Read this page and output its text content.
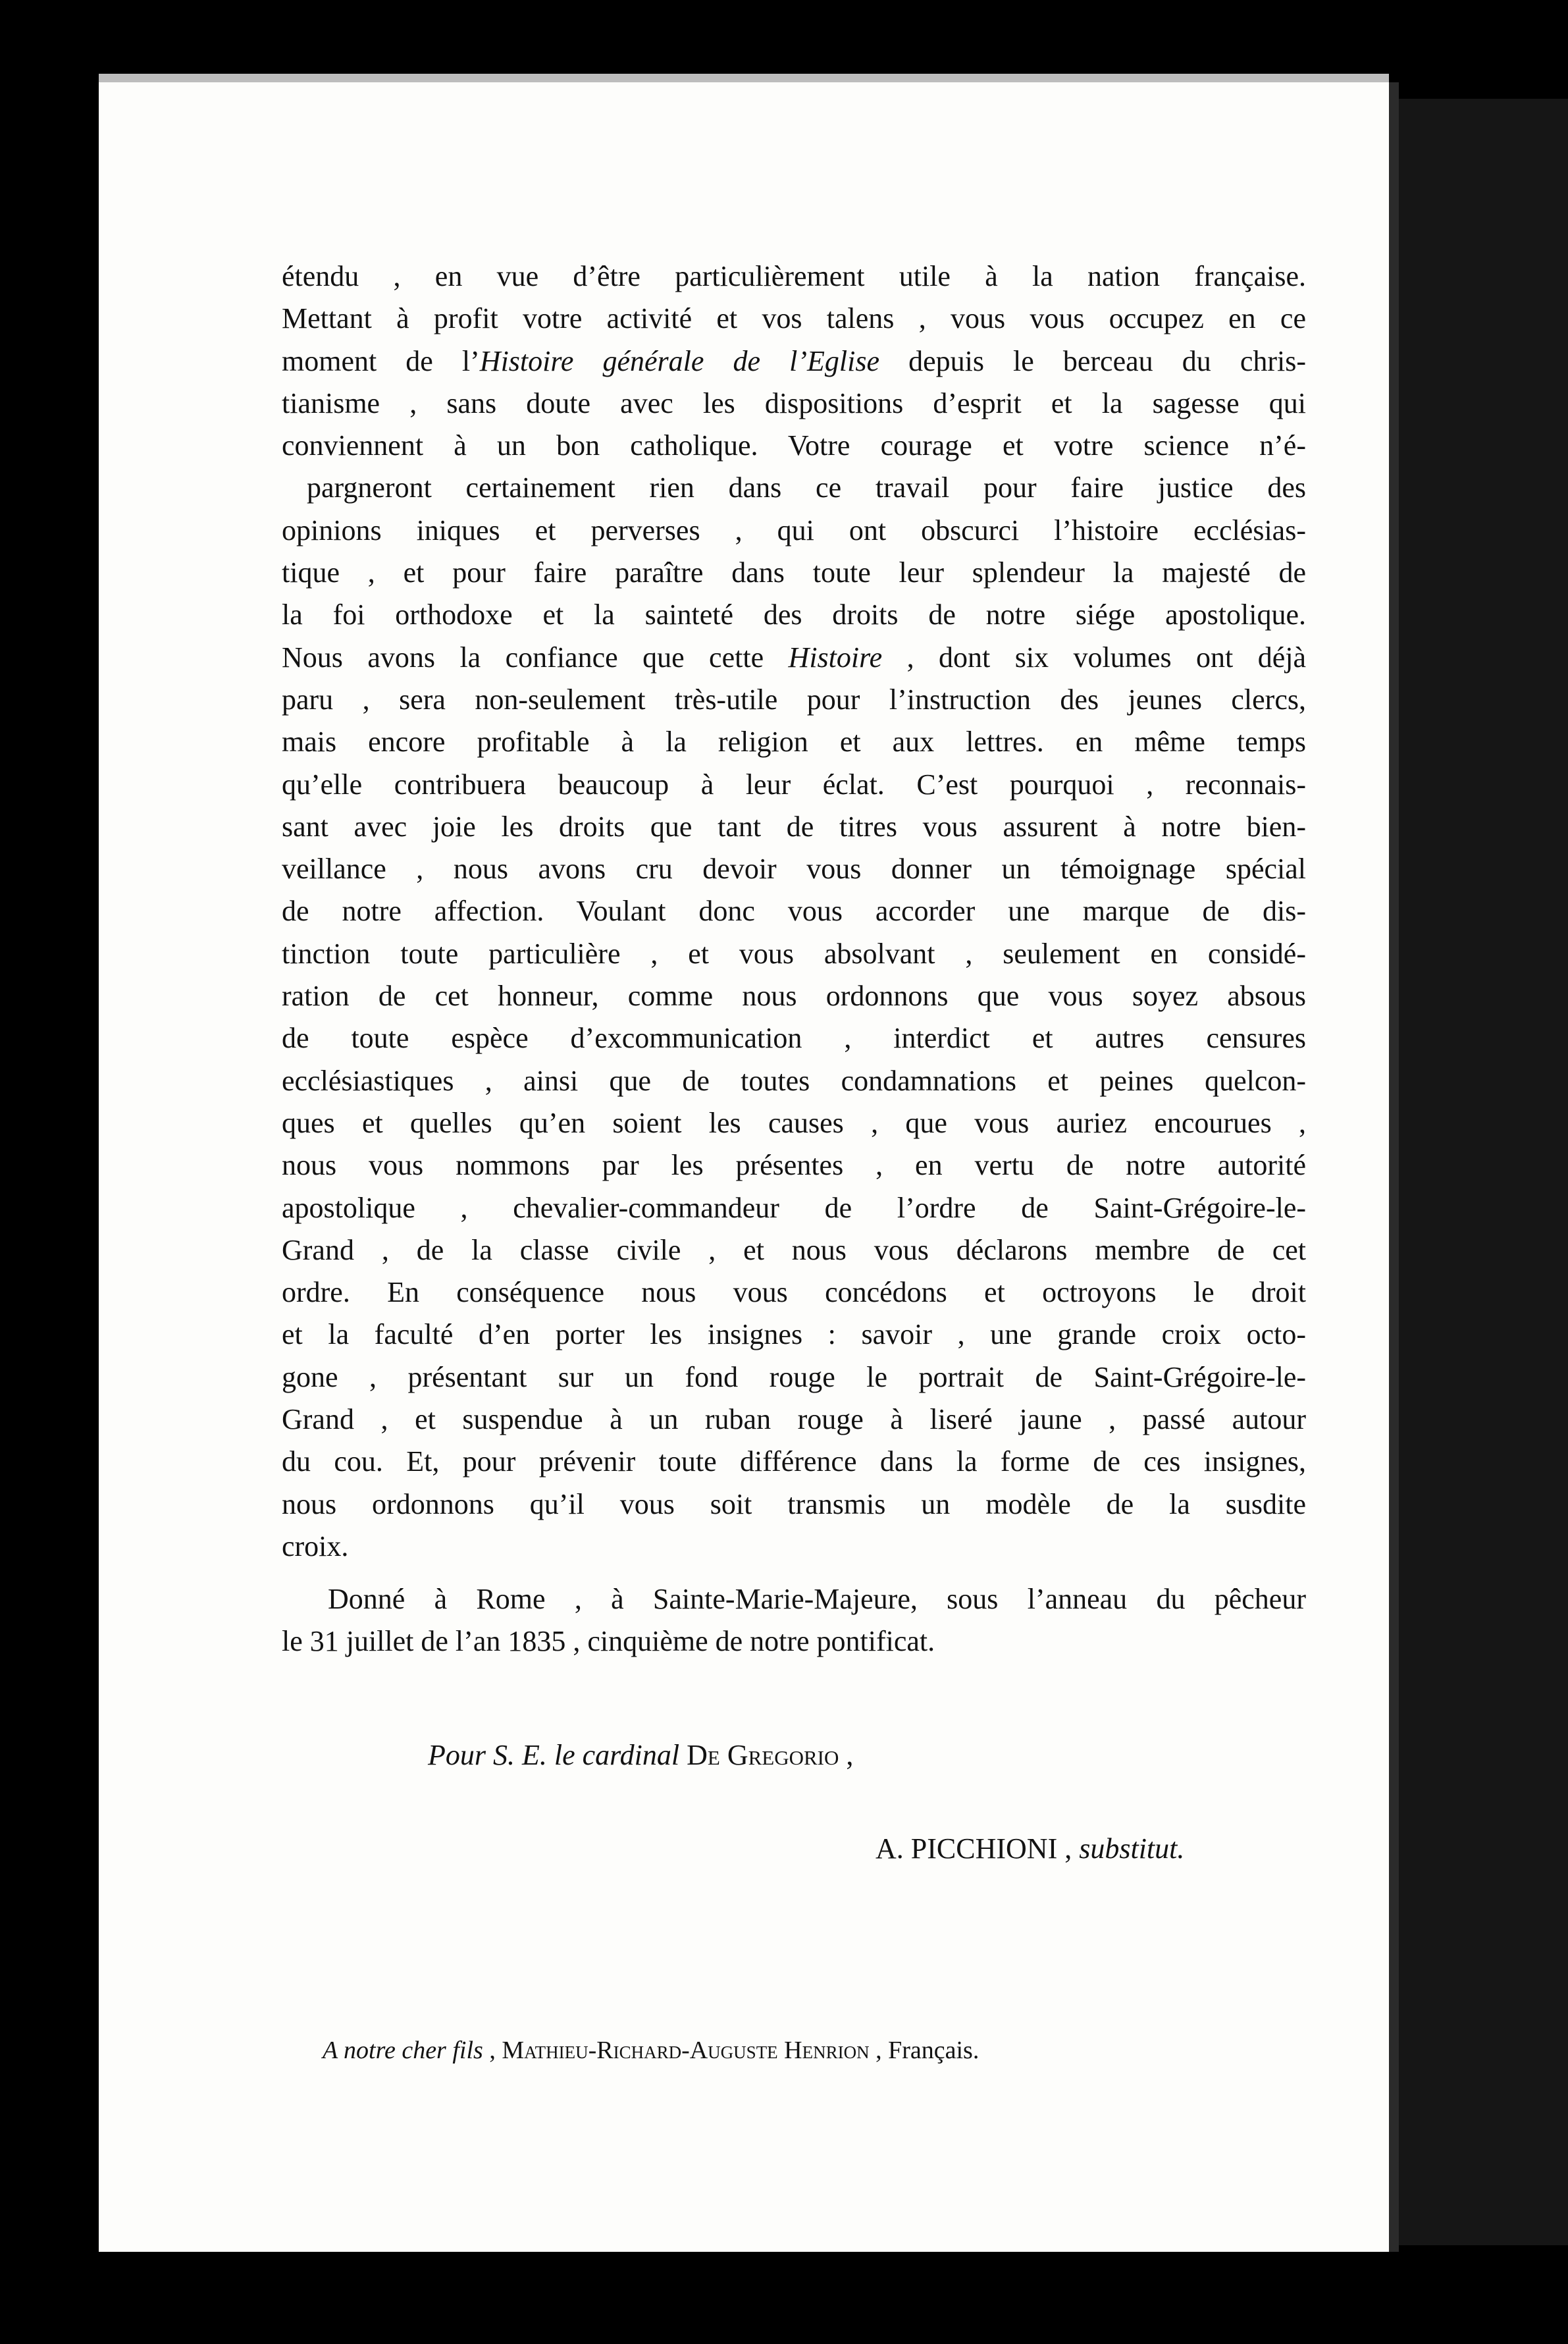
étendu , en vue d’être particulièrement utile à la nation française.
Mettant à profit votre activité et vos talens , vous vous occupez en ce
moment de l’Histoire générale de l’Eglise depuis le berceau du chris-
tianisme , sans doute avec les dispositions d’esprit et la sagesse qui
conviennent à un bon catholique. Votre courage et votre science n’é-
pargneront certainement rien dans ce travail pour faire justice des
opinions iniques et perverses , qui ont obscurci l’histoire ecclésias-
tique , et pour faire paraître dans toute leur splendeur la majesté de
la foi orthodoxe et la sainteté des droits de notre siége apostolique.
Nous avons la confiance que cette Histoire , dont six volumes ont déjà
paru , sera non-seulement très-utile pour l’instruction des jeunes clercs,
mais encore profitable à la religion et aux lettres. en même temps
qu’elle contribuera beaucoup à leur éclat. C’est pourquoi , reconnais-
sant avec joie les droits que tant de titres vous assurent à notre bien-
veillance , nous avons cru devoir vous donner un témoignage spécial
de notre affection. Voulant donc vous accorder une marque de dis-
tinction toute particulière , et vous absolvant , seulement en considé-
ration de cet honneur, comme nous ordonnons que vous soyez absous
de toute espèce d’excommunication , interdict et autres censures
ecclésiastiques , ainsi que de toutes condamnations et peines quelcon-
ques et quelles qu’en soient les causes , que vous auriez encourues ,
nous vous nommons par les présentes , en vertu de notre autorité
apostolique , chevalier-commandeur de l’ordre de Saint-Grégoire-le-
Grand , de la classe civile , et nous vous déclarons membre de cet
ordre. En conséquence nous vous concédons et octroyons le droit
et la faculté d’en porter les insignes : savoir , une grande croix octo-
gone , présentant sur un fond rouge le portrait de Saint-Grégoire-le-
Grand , et suspendue à un ruban rouge à liseré jaune , passé autour
du cou. Et, pour prévenir toute différence dans la forme de ces insignes,
nous ordonnons qu’il vous soit transmis un modèle de la susdite
croix.
Donné à Rome , à Sainte-Marie-Majeure, sous l’anneau du pêcheur
le 31 juillet de l’an 1835 , cinquième de notre pontificat.
Pour S. E. le cardinal De Gregorio ,
A. PICCHIONI , substitut.
A notre cher fils , Mathieu-Richard-Auguste Henrion , Français.
